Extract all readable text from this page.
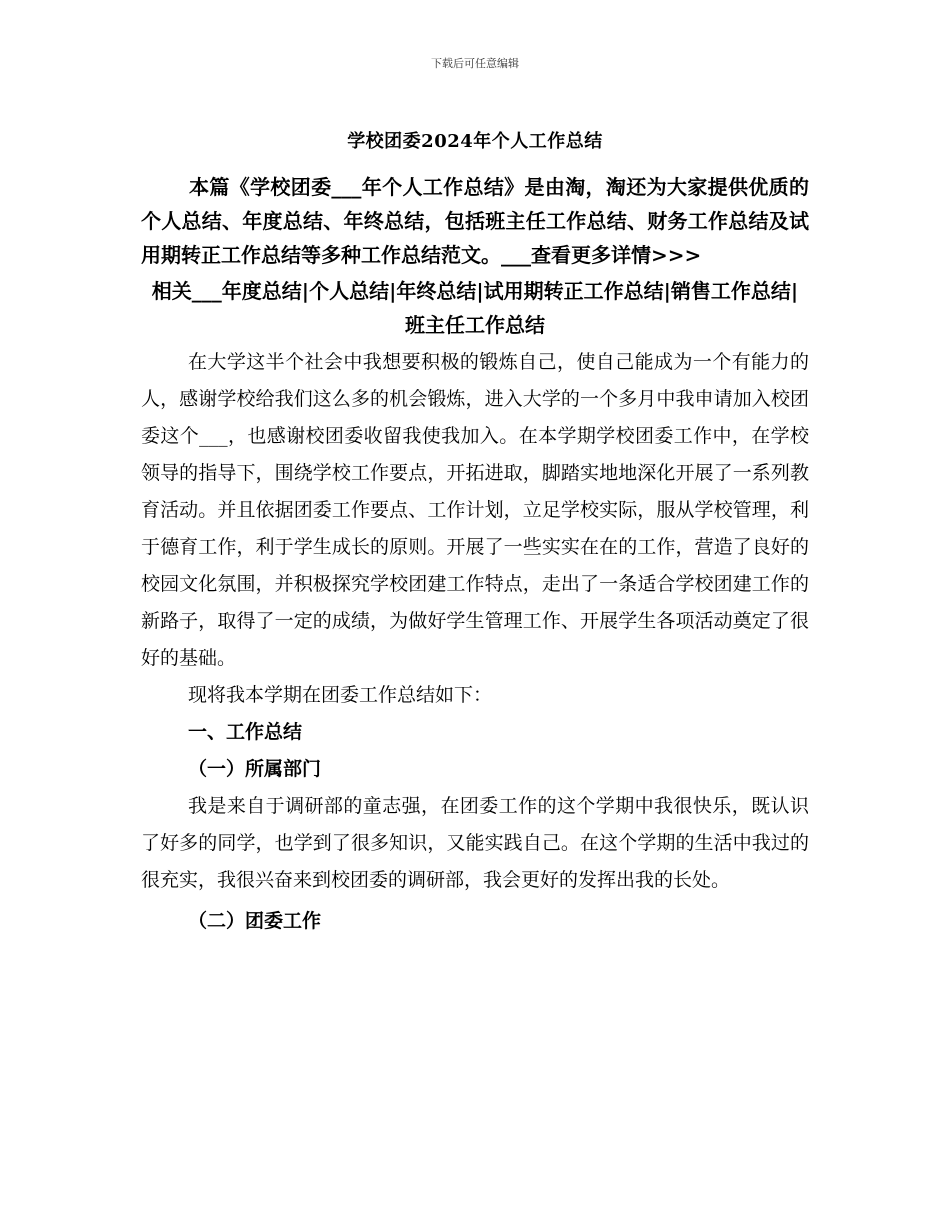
下载后可任意编辑
学校团委2024年个人工作总结

本篇《学校团委___年个人工作总结》是由淘，淘还为大家提供优质的个人总结、年度总结、年终总结，包括班主任工作总结、财务工作总结及试用期转正工作总结等多种工作总结范文。___查看更多详情>>>

相关___年度总结|个人总结|年终总结|试用期转正工作总结|销售工作总结|班主任工作总结

在大学这半个社会中我想要积极的锻炼自己，使自己能成为一个有能力的人，感谢学校给我们这么多的机会锻炼，进入大学的一个多月中我申请加入校团委这个___，也感谢校团委收留我使我加入。在本学期学校团委工作中，在学校领导的指导下，围绕学校工作要点，开拓进取，脚踏实地地深化开展了一系列教育活动。并且依据团委工作要点、工作计划，立足学校实际，服从学校管理，利于德育工作，利于学生成长的原则。开展了一些实实在在的工作，营造了良好的校园文化氛围，并积极探究学校团建工作特点，走出了一条适合学校团建工作的新路子，取得了一定的成绩，为做好学生管理工作、开展学生各项活动奠定了很好的基础。

现将我本学期在团委工作总结如下：

一、工作总结

（一）所属部门

我是来自于调研部的童志强，在团委工作的这个学期中我很快乐，既认识了好多的同学，也学到了很多知识，又能实践自己。在这个学期的生活中我过的很充实，我很兴奋来到校团委的调研部，我会更好的发挥出我的长处。

（二）团委工作
